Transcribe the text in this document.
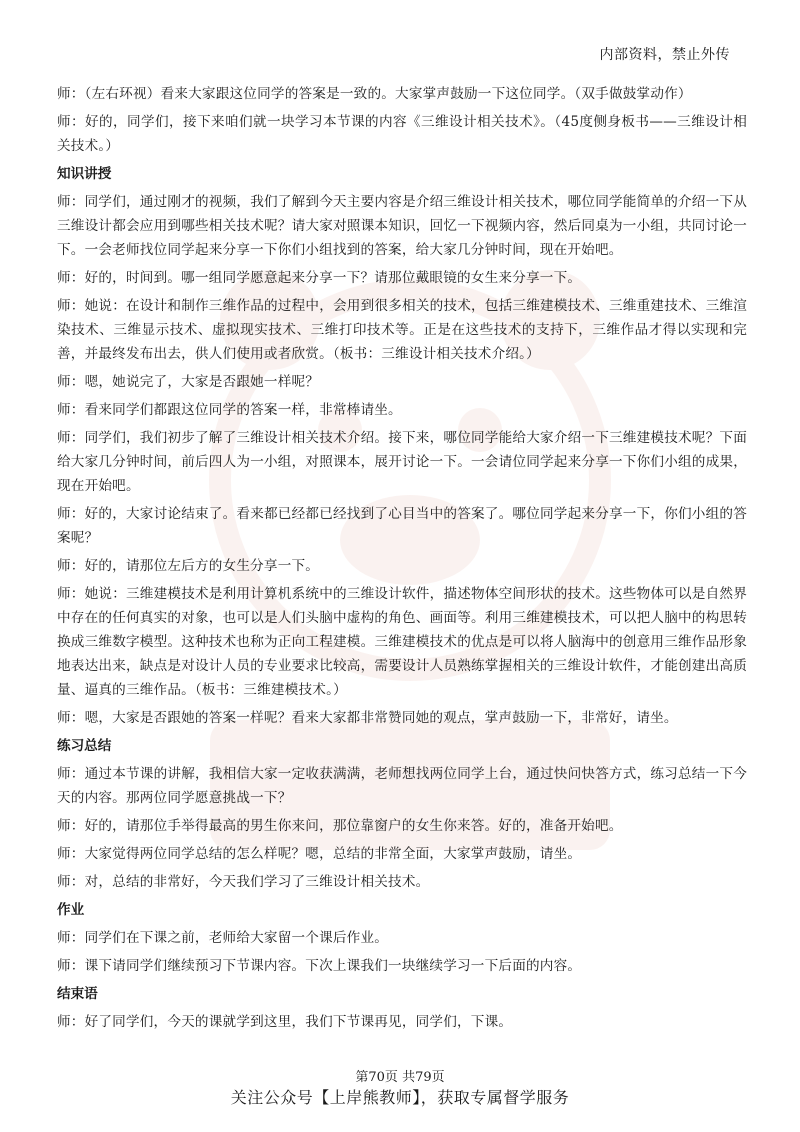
内部资料，禁止外传
师：（左右环视）看来大家跟这位同学的答案是一致的。大家掌声鼓励一下这位同学。（双手做鼓掌动作）
师：好的，同学们，接下来咱们就一块学习本节课的内容《三维设计相关技术》。（45度侧身板书——三维设计相关技术。）
知识讲授
师：同学们，通过刚才的视频，我们了解到今天主要内容是介绍三维设计相关技术，哪位同学能简单的介绍一下从三维设计都会应用到哪些相关技术呢？请大家对照课本知识，回忆一下视频内容，然后同桌为一小组，共同讨论一下。一会老师找位同学起来分享一下你们小组找到的答案，给大家几分钟时间，现在开始吧。
师：好的，时间到。哪一组同学愿意起来分享一下？请那位戴眼镜的女生来分享一下。
师：她说：在设计和制作三维作品的过程中，会用到很多相关的技术，包括三维建模技术、三维重建技术、三维渲染技术、三维显示技术、虚拟现实技术、三维打印技术等。正是在这些技术的支持下，三维作品才得以实现和完善，并最终发布出去，供人们使用或者欣赏。（板书：三维设计相关技术介绍。）
师：嗯，她说完了，大家是否跟她一样呢？
师：看来同学们都跟这位同学的答案一样，非常棒请坐。
师：同学们，我们初步了解了三维设计相关技术介绍。接下来，哪位同学能给大家介绍一下三维建模技术呢？下面给大家几分钟时间，前后四人为一小组，对照课本，展开讨论一下。一会请位同学起来分享一下你们小组的成果，现在开始吧。
师：好的，大家讨论结束了。看来都已经都已经找到了心目当中的答案了。哪位同学起来分享一下，你们小组的答案呢？
师：好的，请那位左后方的女生分享一下。
师：她说：三维建模技术是利用计算机系统中的三维设计软件，描述物体空间形状的技术。这些物体可以是自然界中存在的任何真实的对象，也可以是人们头脑中虚构的角色、画面等。利用三维建模技术，可以把人脑中的构思转换成三维数字模型。这种技术也称为正向工程建模。三维建模技术的优点是可以将人脑海中的创意用三维作品形象地表达出来，缺点是对设计人员的专业要求比较高，需要设计人员熟练掌握相关的三维设计软件，才能创建出高质量、逼真的三维作品。（板书：三维建模技术。）
师：嗯，大家是否跟她的答案一样呢？看来大家都非常赞同她的观点，掌声鼓励一下，非常好，请坐。
练习总结
师：通过本节课的讲解，我相信大家一定收获满满，老师想找两位同学上台，通过快问快答方式，练习总结一下今天的内容。那两位同学愿意挑战一下？
师：好的，请那位手举得最高的男生你来问，那位靠窗户的女生你来答。好的，准备开始吧。
师：大家觉得两位同学总结的怎么样呢？嗯，总结的非常全面，大家掌声鼓励，请坐。
师：对，总结的非常好，今天我们学习了三维设计相关技术。
作业
师：同学们在下课之前，老师给大家留一个课后作业。
师：课下请同学们继续预习下节课内容。下次上课我们一块继续学习一下后面的内容。
结束语
师：好了同学们，今天的课就学到这里，我们下节课再见，同学们，下课。
第70页 共79页
关注公众号【上岸熊教师】，获取专属督学服务
